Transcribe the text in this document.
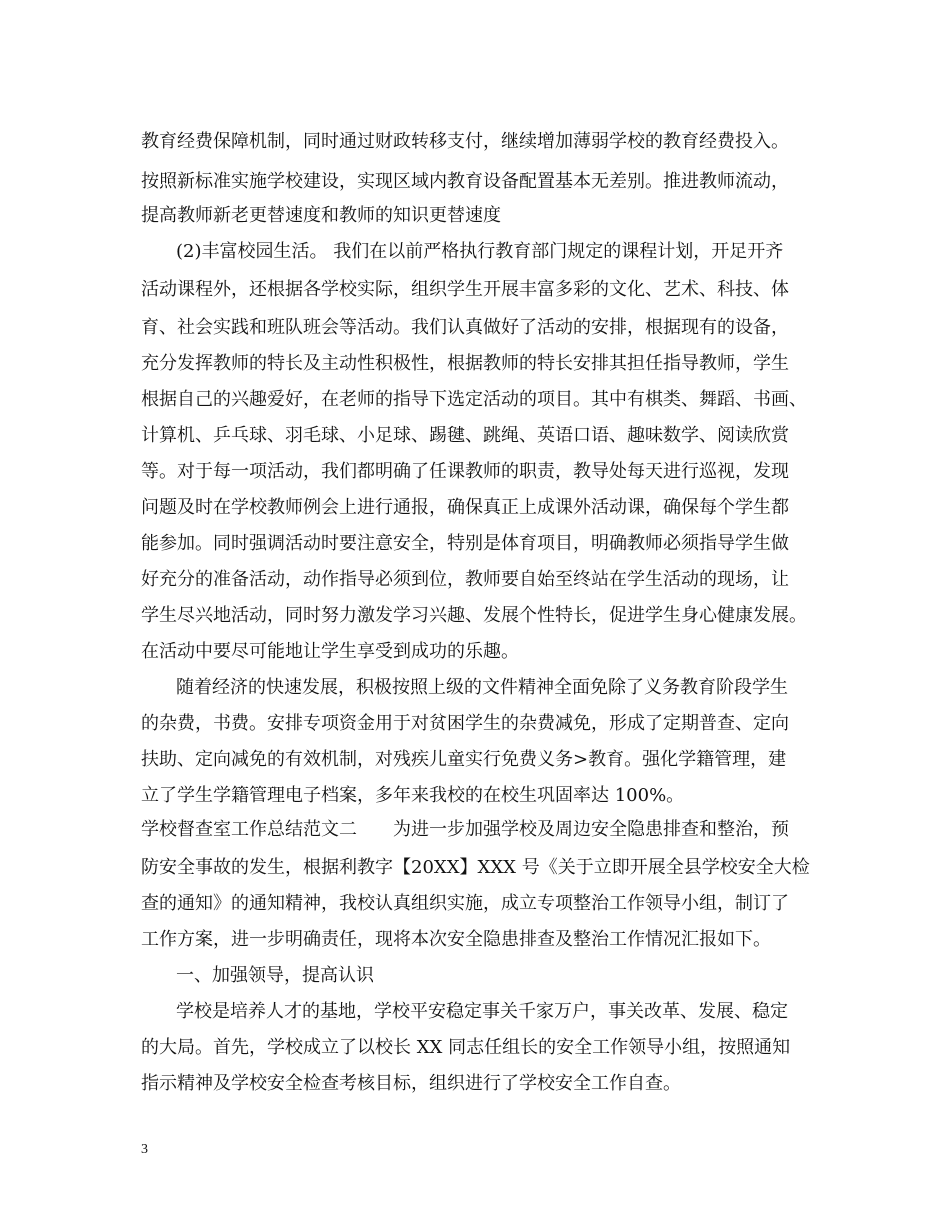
教育经费保障机制，同时通过财政转移支付，继续增加薄弱学校的教育经费投入。
按照新标准实施学校建设，实现区域内教育设备配置基本无差别。推进教师流动，
提高教师新老更替速度和教师的知识更替速度
(2)丰富校园生活。 我们在以前严格执行教育部门规定的课程计划，开足开齐
活动课程外，还根据各学校实际，组织学生开展丰富多彩的文化、艺术、科技、体
育、社会实践和班队班会等活动。我们认真做好了活动的安排，根据现有的设备，
充分发挥教师的特长及主动性积极性，根据教师的特长安排其担任指导教师，学生
根据自己的兴趣爱好，在老师的指导下选定活动的项目。其中有棋类、舞蹈、书画、
计算机、乒乓球、羽毛球、小足球、踢毽、跳绳、英语口语、趣味数学、阅读欣赏
等。对于每一项活动，我们都明确了任课教师的职责，教导处每天进行巡视，发现
问题及时在学校教师例会上进行通报，确保真正上成课外活动课，确保每个学生都
能参加。同时强调活动时要注意安全，特别是体育项目，明确教师必须指导学生做
好充分的准备活动，动作指导必须到位，教师要自始至终站在学生活动的现场，让
学生尽兴地活动，同时努力激发学习兴趣、发展个性特长，促进学生身心健康发展。
在活动中要尽可能地让学生享受到成功的乐趣。
随着经济的快速发展，积极按照上级的文件精神全面免除了义务教育阶段学生
的杂费，书费。安排专项资金用于对贫困学生的杂费减免，形成了定期普查、定向
扶助、定向减免的有效机制，对残疾儿童实行免费义务>教育。强化学籍管理，建
立了学生学籍管理电子档案，多年来我校的在校生巩固率达 100%。
学校督查室工作总结范文二　　为进一步加强学校及周边安全隐患排查和整治，预
防安全事故的发生，根据利教字【20XX】XXX 号《关于立即开展全县学校安全大检
查的通知》的通知精神，我校认真组织实施，成立专项整治工作领导小组，制订了
工作方案，进一步明确责任，现将本次安全隐患排查及整治工作情况汇报如下。
一、加强领导，提高认识
学校是培养人才的基地，学校平安稳定事关千家万户，事关改革、发展、稳定
的大局。首先，学校成立了以校长 XX 同志任组长的安全工作领导小组，按照通知
指示精神及学校安全检查考核目标，组织进行了学校安全工作自查。
3
